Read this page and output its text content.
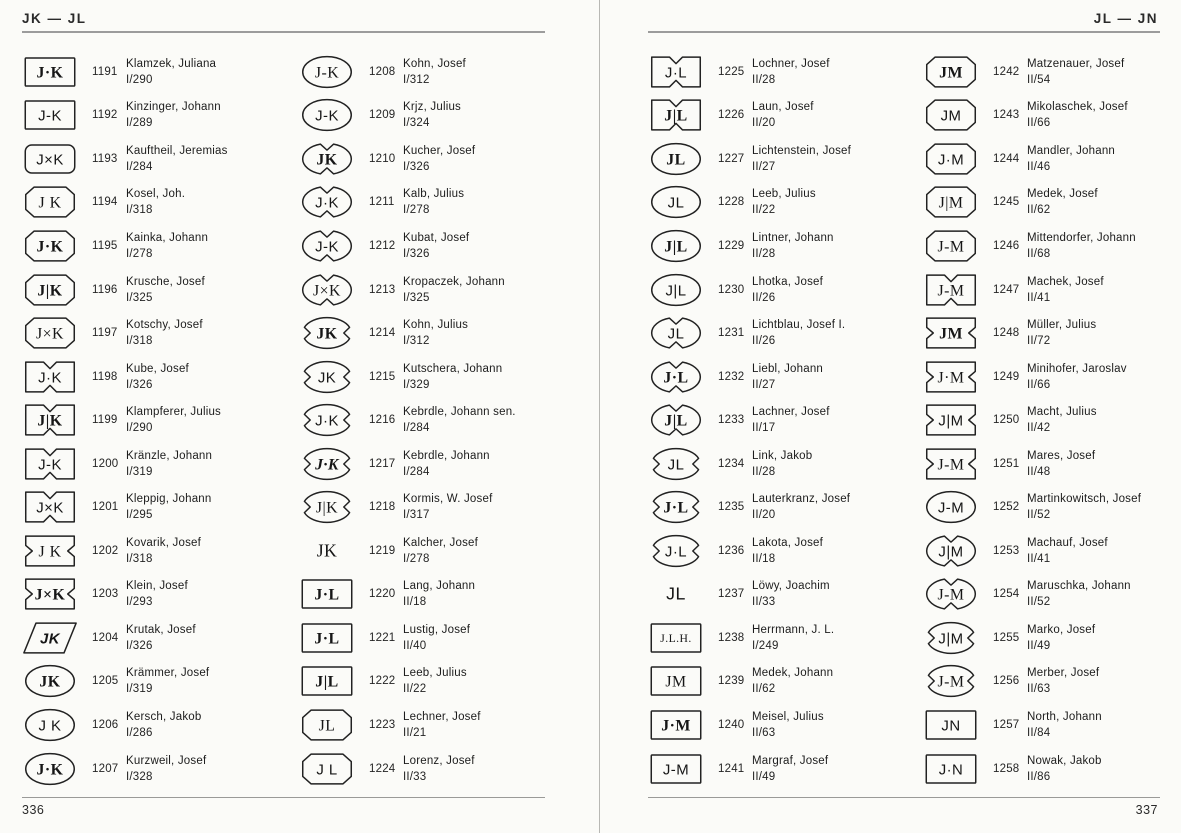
JK — JL
J·K 1191
Klamzek, Juliana
I/290
J-K	1192
Kinzinger, Johann
I/289
J×K 1193
Kauftheil, Jeremias
I/284
J K	1194
Kosel, Joh.
I/318
J·K 1195
Kainka, Johann
I/278
J|K	1196
Krusche, Josef
I/325
J×K 1197
Kotschy, Josef
I/318
J·K	1198
Kube, Josef
I/326
J|K	1199
Klampferer, Julius
I/290
J-K	1200
Kränzle, Johann
I/319
J×K 1201
Kleppig, Johann
I/295
J K	1202
Kovarik, Josef
I/318
J×K 1203
Klein, Josef
I/293
JK	1204
Krutak, Josef
I/326
JK	1205
Krämmer, Josef
I/319
J K	1206
Kersch, Jakob
I/286
J·K 1207
Kurzweil, Josef
I/328
J-K	1208
Kohn, Josef
I/312
J-K	1209
Krjz, Julius
I/324
JK	1210
Kucher, Josef
I/326
J·K	1211
Kalb, Julius
I/278
J-K	1212
Kubat, Josef
I/326
J×K 1213
Kropaczek, Johann
I/325
JK	1214
Kohn, Julius
I/312
JK	1215
Kutschera, Johann
I/329
J·K	1216
Kebrdle, Johann sen.
I/284
J·K	1217
Kebrdle, Johann
I/284
J|K	1218
Kormis, W. Josef
I/317
JK	1219
Kalcher, Josef
I/278
J·L	1220
Lang, Johann
II/18
J·L	1221
Lustig, Josef
II/40
J|L	1222
Leeb, Julius
II/22
JL	1223
Lechner, Josef
II/21
J L	1224
Lorenz, Josef
II/33
336
JL — JN
J·L	1225
Lochner, Josef
II/28
J|L	1226
Laun, Josef
II/20
JL	1227
Lichtenstein, Josef
II/27
JL	1228
Leeb, Julius
II/22
J|L	1229
Lintner, Johann
II/28
J|L	1230
Lhotka, Josef
II/26
JL	1231
Lichtblau, Josef I.
II/26
J·L	1232
Liebl, Johann
II/27
J|L	1233
Lachner, Josef
II/17
JL	1234
Link, Jakob
II/28
J·L	1235
Lauterkranz, Josef
II/20
J·L	1236
Lakota, Josef
II/18
JL	1237
Löwy, Joachim
II/33
J.L.H. 1238
Herrmann, J. L.
I/249
JM	1239
Medek, Johann
II/62
J·M 1240
Meisel, Julius
II/63
J-M	1241
Margraf, Josef
II/49
JM	1242
Matzenauer, Josef
II/54
JM	1243
Mikolaschek, Josef
II/66
J·M	1244
Mandler, Johann
II/46
J|M	1245
Medek, Josef
II/62
J-M 1246
Mittendorfer, Johann
II/68
J-M 1247
Machek, Josef
II/41
JM	1248
Müller, Julius
II/72
J·M 1249
Minihofer, Jaroslav
II/66
J|M	1250
Macht, Julius
II/42
J-M 1251
Mares, Josef
II/48
J-M	1252
Martinkowitsch, Josef
II/52
J|M	1253
Machauf, Josef
II/41
J-M 1254
Maruschka, Johann
II/52
J|M	1255
Marko, Josef
II/49
J-M 1256
Merber, Josef
II/63
JN	1257
North, Johann
II/84
J·N	1258
Nowak, Jakob
II/86
337
